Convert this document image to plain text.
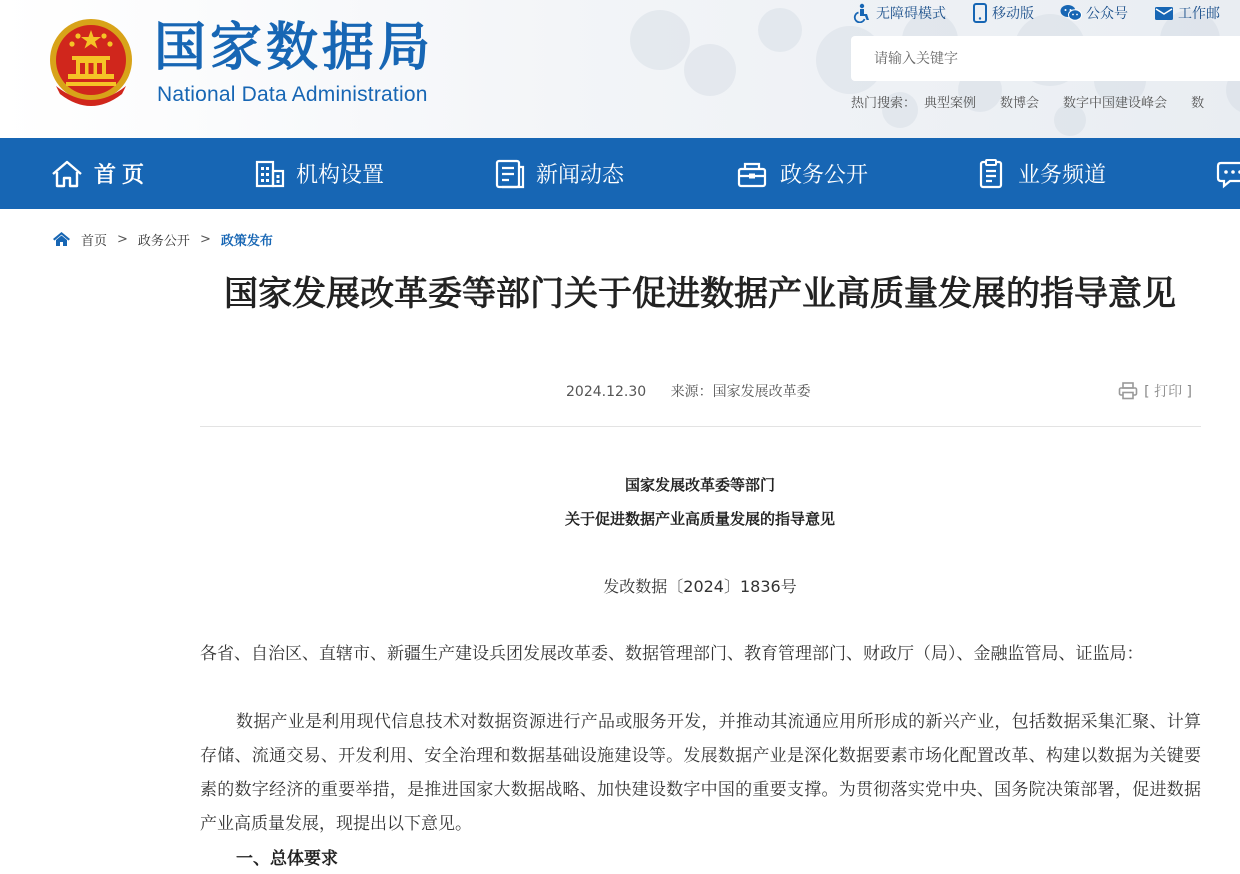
国家数据局
National Data Administration
无障碍模式	移动版	公众号	工作邮
请输入关键字
热门搜索： 典型案例 数博会 数字中国建设峰会 数
首页	机构设置	新闻动态	政务公开	业务频道
首页 > 政务公开 > 政策发布
国家发展改革委等部门关于促进数据产业高质量发展的指导意见
2024.12.30 来源：国家发展改革委	[ 打印 ]
国家发展改革委等部门
关于促进数据产业高质量发展的指导意见
发改数据〔2024〕1836号

各省、自治区、直辖市、新疆生产建设兵团发展改革委、数据管理部门、教育管理部门、财政厅（局）、金融监管局、证监局：

数据产业是利用现代信息技术对数据资源进行产品或服务开发，并推动其流通应用所形成的新兴产业，包括数据采集汇聚、计算存储、流通交易、开发利用、安全治理和数据基础设施建设等。发展数据产业是深化数据要素市场化配置改革、构建以数据为关键要素的数字经济的重要举措，是推进国家大数据战略、加快建设数字中国的重要支撑。为贯彻落实党中央、国务院决策部署，促进数据产业高质量发展，现提出以下意见。

一、总体要求
